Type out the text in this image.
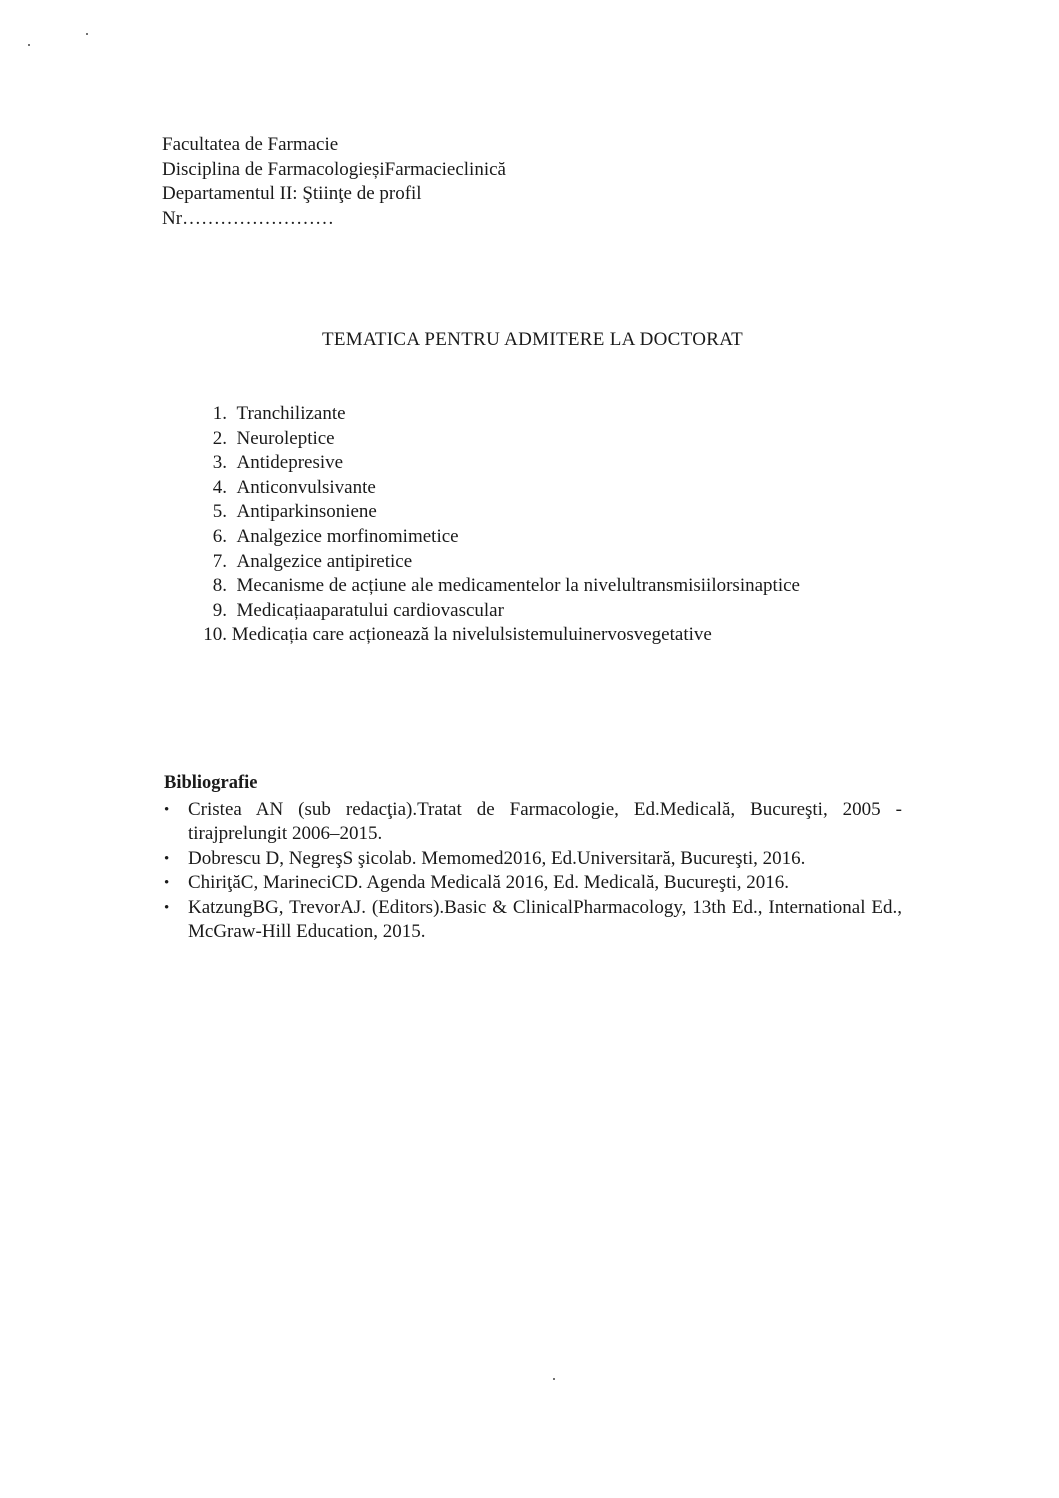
Facultatea de Farmacie
Disciplina de FarmacologieșiFarmacieclinică
Departamentul II: Ştiinţe de profil
Nr……………………
TEMATICA PENTRU ADMITERE LA DOCTORAT
1.
Tranchilizante
2.
Neuroleptice
3.
Antidepresive
4.
Anticonvulsivante
5.
Antiparkinsoniene
6.
Analgezice morfinomimetice
7.
Analgezice antipiretice
8.
Mecanisme de acțiune ale medicamentelor la nivelultransmisiilorsinaptice
9.
Medicațiaaparatului cardiovascular
10.
Medicația care acționează la nivelulsistemuluinervosvegetative
Bibliografie
• Cristea AN (sub redacţia).Tratat de Farmacologie, Ed.Medicală, Bucureşti, 2005 - tirajprelungit 2006–2015.
• Dobrescu D, NegreşS şicolab. Memomed2016, Ed.Universitară, Bucureşti, 2016.
• ChiriţăC, MarineciCD. Agenda Medicală 2016, Ed. Medicală, Bucureşti, 2016.
• KatzungBG, TrevorAJ. (Editors).Basic & ClinicalPharmacology, 13th Ed., International Ed., McGraw-Hill Education, 2015.
